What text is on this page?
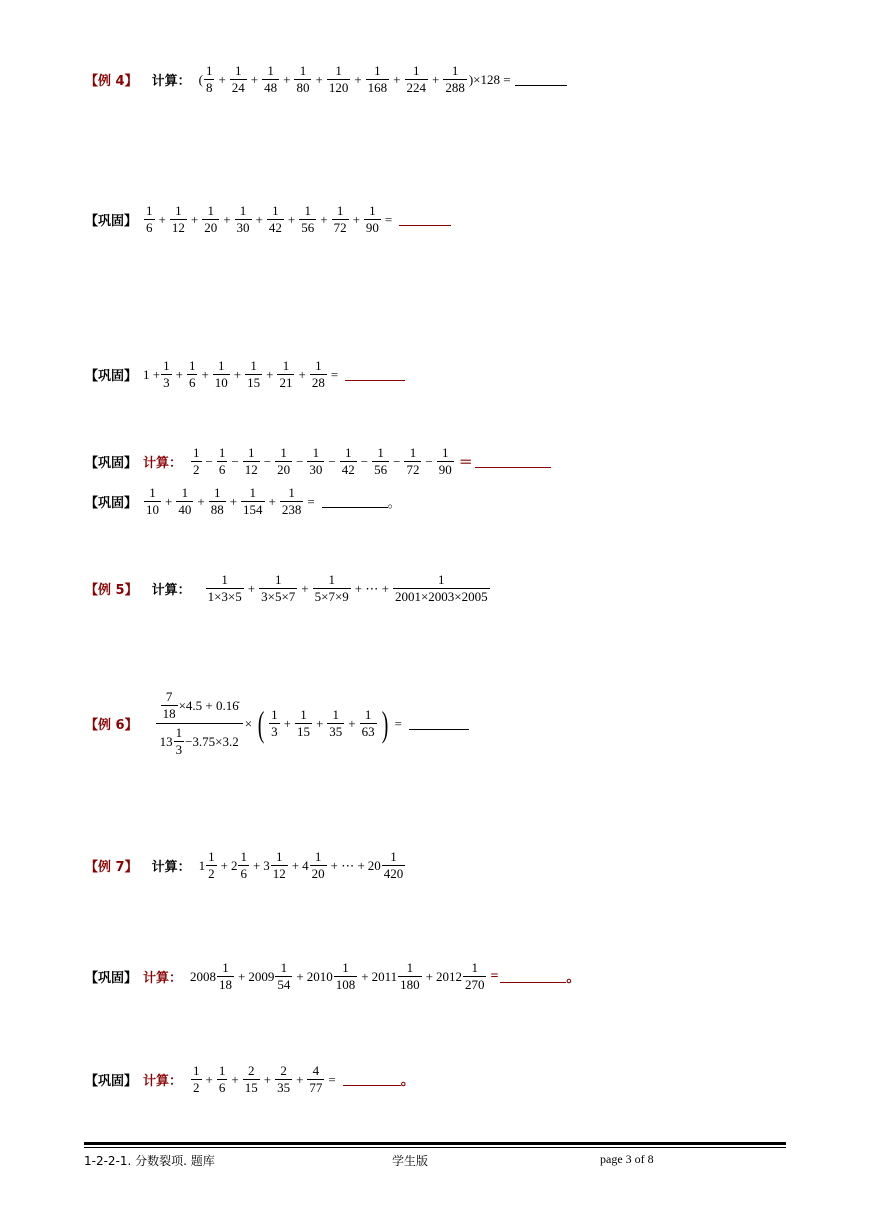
【例 4】 计算： ( $\frac{1}{8} + \frac{1}{24} + \frac{1}{48} + \frac{1}{80} + \frac{1}{120} + \frac{1}{168} + \frac{1}{224} + \frac{1}{288} )\times 128$ =
【巩固】 $\frac{1}{6} + \frac{1}{12} + \frac{1}{20} + \frac{1}{30} + \frac{1}{42} + \frac{1}{56} + \frac{1}{72} + \frac{1}{90}$ =
【巩固】 $1 + \frac{1}{3} + \frac{1}{6} + \frac{1}{10} + \frac{1}{15} + \frac{1}{21} + \frac{1}{28}$ =
【巩固】 计算： $\frac{1}{2} - \frac{1}{6} - \frac{1}{12} - \frac{1}{20} - \frac{1}{30} - \frac{1}{42} - \frac{1}{56} - \frac{1}{72} - \frac{1}{90}$ ＝
【巩固】 $\frac{1}{10} + \frac{1}{40} + \frac{1}{88} + \frac{1}{154} + \frac{1}{238}$ =	。
【例 5】 计算： $\frac{1}{1\times 3\times 5} + \frac{1}{3\times 5\times 7} + \frac{1}{5\times 7\times 9}$ + ⋯ + $\frac{1}{2001\times 2003\times 2005}$
【例 6】 $\frac{\frac{7}{18} \times 4.5 + 0.16̇}{13 \frac{1}{3} -3.75\times 3.2}$ × ( $\frac{1}{3} + \frac{1}{15} + \frac{1}{35} + \frac{1}{63}$ ) =
【例 7】 计算： $1 \frac{1}{2} + 2 \frac{1}{6} + 3 \frac{1}{12} + 4 \frac{1}{20}$ + ⋯ + $20 \frac{1}{420}$
【巩固】 计算： $2008 \frac{1}{18} + 2009 \frac{1}{54} + 2010 \frac{1}{108} + 2011 \frac{1}{180} + 2012 \frac{1}{270}$ =	。
【巩固】 计算： $\frac{1}{2} + \frac{1}{6} + \frac{2}{15} + \frac{2}{35} + \frac{4}{77}$ =	。
1-2-2-1. 分数裂项. 题库	学生版	page 3 of 8
